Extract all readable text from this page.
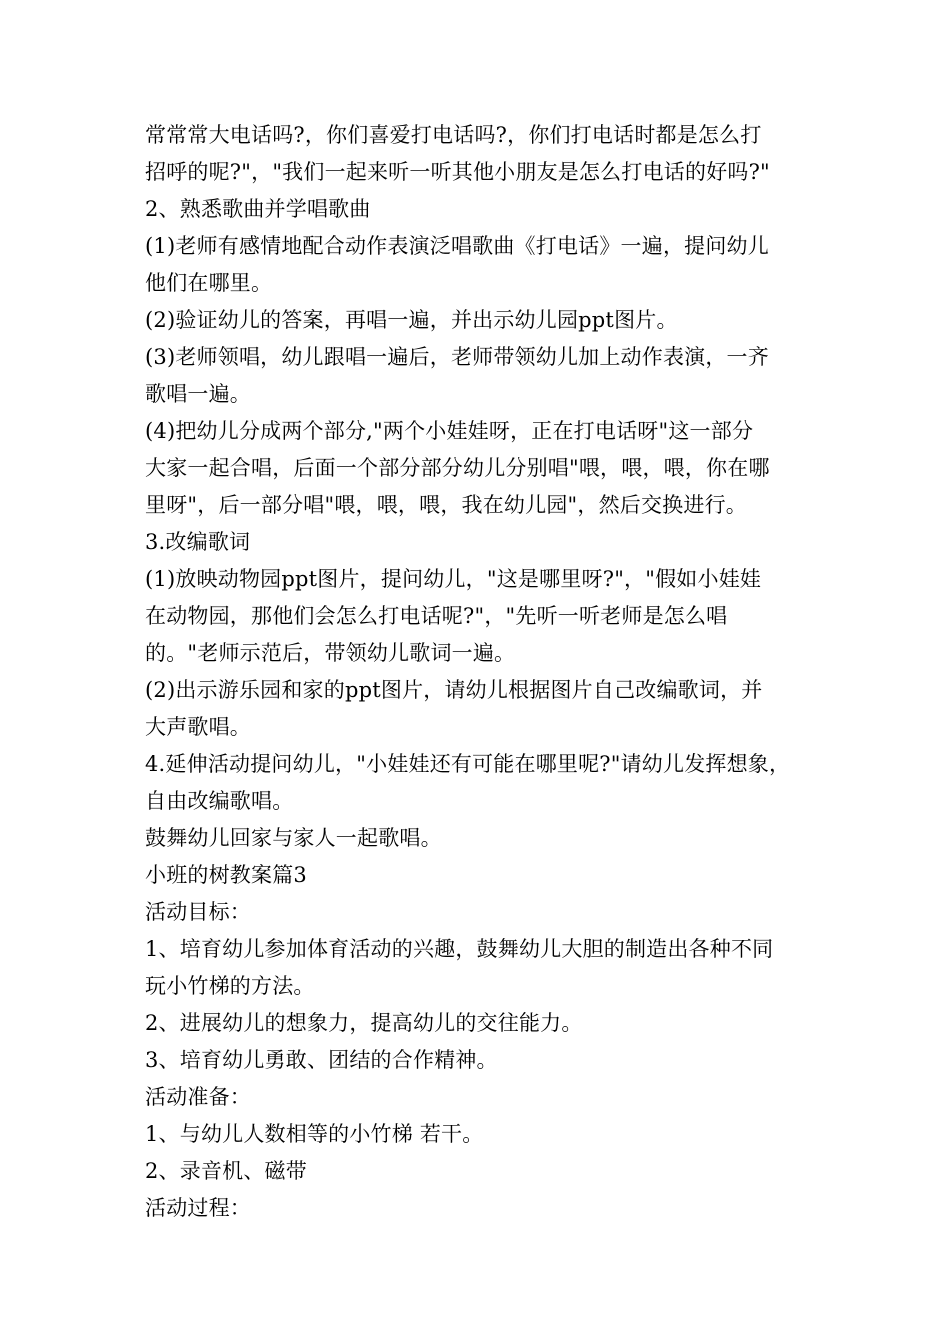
常常常大电话吗?，你们喜爱打电话吗?，你们打电话时都是怎么打
招呼的呢?"，"我们一起来听一听其他小朋友是怎么打电话的好吗?"
2、熟悉歌曲并学唱歌曲
(1)老师有感情地配合动作表演泛唱歌曲《打电话》一遍，提问幼儿
他们在哪里。
(2)验证幼儿的答案，再唱一遍，并出示幼儿园ppt图片。
(3)老师领唱，幼儿跟唱一遍后，老师带领幼儿加上动作表演，一齐
歌唱一遍。
(4)把幼儿分成两个部分,"两个小娃娃呀，正在打电话呀"这一部分
大家一起合唱，后面一个部分部分幼儿分别唱"喂，喂，喂，你在哪
里呀"，后一部分唱"喂，喂，喂，我在幼儿园"，然后交换进行。
3.改编歌词
(1)放映动物园ppt图片，提问幼儿，"这是哪里呀?"，"假如小娃娃
在动物园，那他们会怎么打电话呢?"，"先听一听老师是怎么唱
的。"老师示范后，带领幼儿歌词一遍。
(2)出示游乐园和家的ppt图片，请幼儿根据图片自己改编歌词，并
大声歌唱。
4.延伸活动提问幼儿，"小娃娃还有可能在哪里呢?"请幼儿发挥想象，
自由改编歌唱。
鼓舞幼儿回家与家人一起歌唱。
小班的树教案篇3
活动目标：
1、培育幼儿参加体育活动的兴趣，鼓舞幼儿大胆的制造出各种不同
玩小竹梯的方法。
2、进展幼儿的想象力，提高幼儿的交往能力。
3、培育幼儿勇敢、团结的合作精神。
活动准备：
1、与幼儿人数相等的小竹梯 若干。
2、录音机、磁带
活动过程：
